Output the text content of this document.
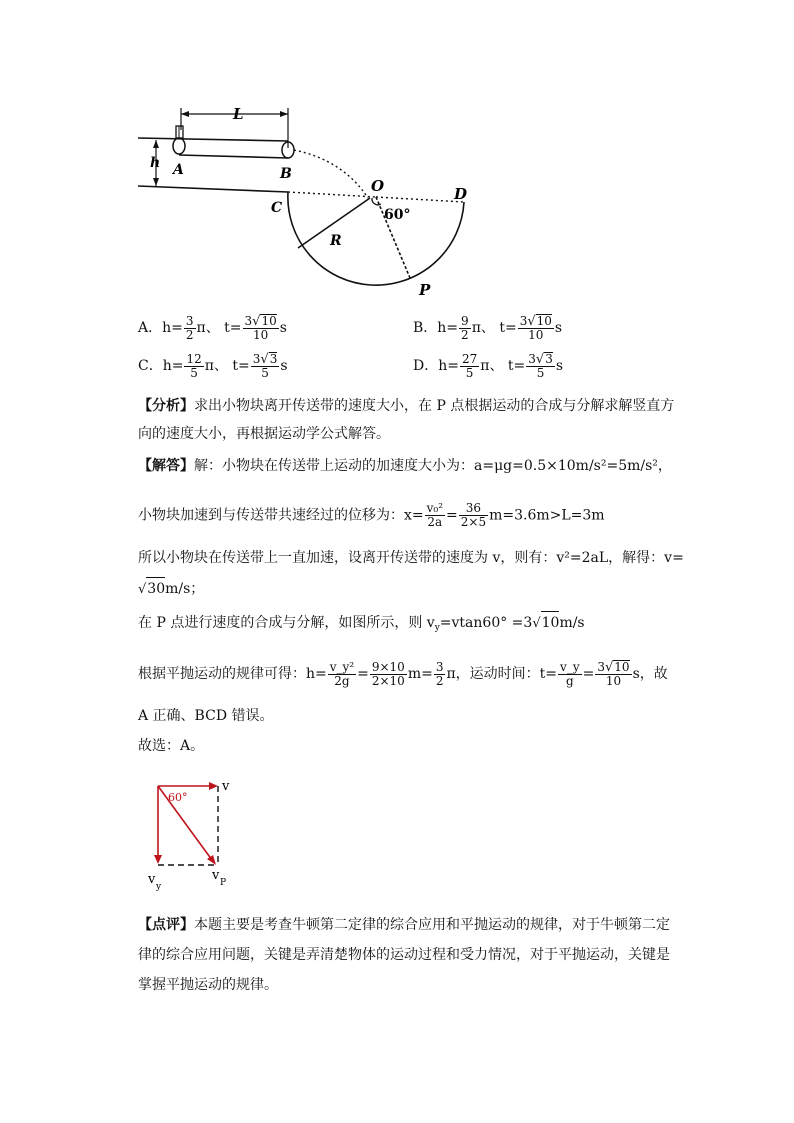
L
h A	B
C
R
O	D
60°
P
A．$h= \frac{3}{2}$ π、 $t= \frac{3√10}{10}$ s	B．$h= \frac{9}{2}$ π、 $t= \frac{3√10}{10}$ s
C．$h= \frac{12}{5}$ π、 $t= \frac{3√3}{5}$ s	D．$h= \frac{27}{5}$ π、 $t= \frac{3√3}{5}$ s
【分析】求出小物块离开传送带的速度大小，在 P 点根据运动的合成与分解求解竖直方
向的速度大小，再根据运动学公式解答。
【解答】解：小物块在传送带上运动的加速度大小为：a=μg=0.5×10m/s²=5m/s²，
小物块加速到与传送带共速经过的位移为：$x= \frac{\text{v₀²}}{2a} = \frac{36}{2\times 5} m=3.6m>L=3m$
所以小物块在传送带上一直加速，设离开传送带的速度为 v，则有：v²=2aL，解得：v=
√30m/s；
在 P 点进行速度的合成与分解，如图所示，则 $v_y=vtan60^\circ =3√10m/s$
根据平抛运动的规律可得：$h= \frac{\text{v\_y²}}{2g} = \frac{9\times 10}{2\times 10} m= \frac{3}{2}$ π，运动时间：$t= \frac{v\_y}{g} = \frac{3√10}{10}$ s，故
A 正确、BCD 错误。
故选：A。
60°
v
v y
v P
【点评】本题主要是考查牛顿第二定律的综合应用和平抛运动的规律，对于牛顿第二定
律的综合应用问题，关键是弄清楚物体的运动过程和受力情况，对于平抛运动，关键是
掌握平抛运动的规律。
